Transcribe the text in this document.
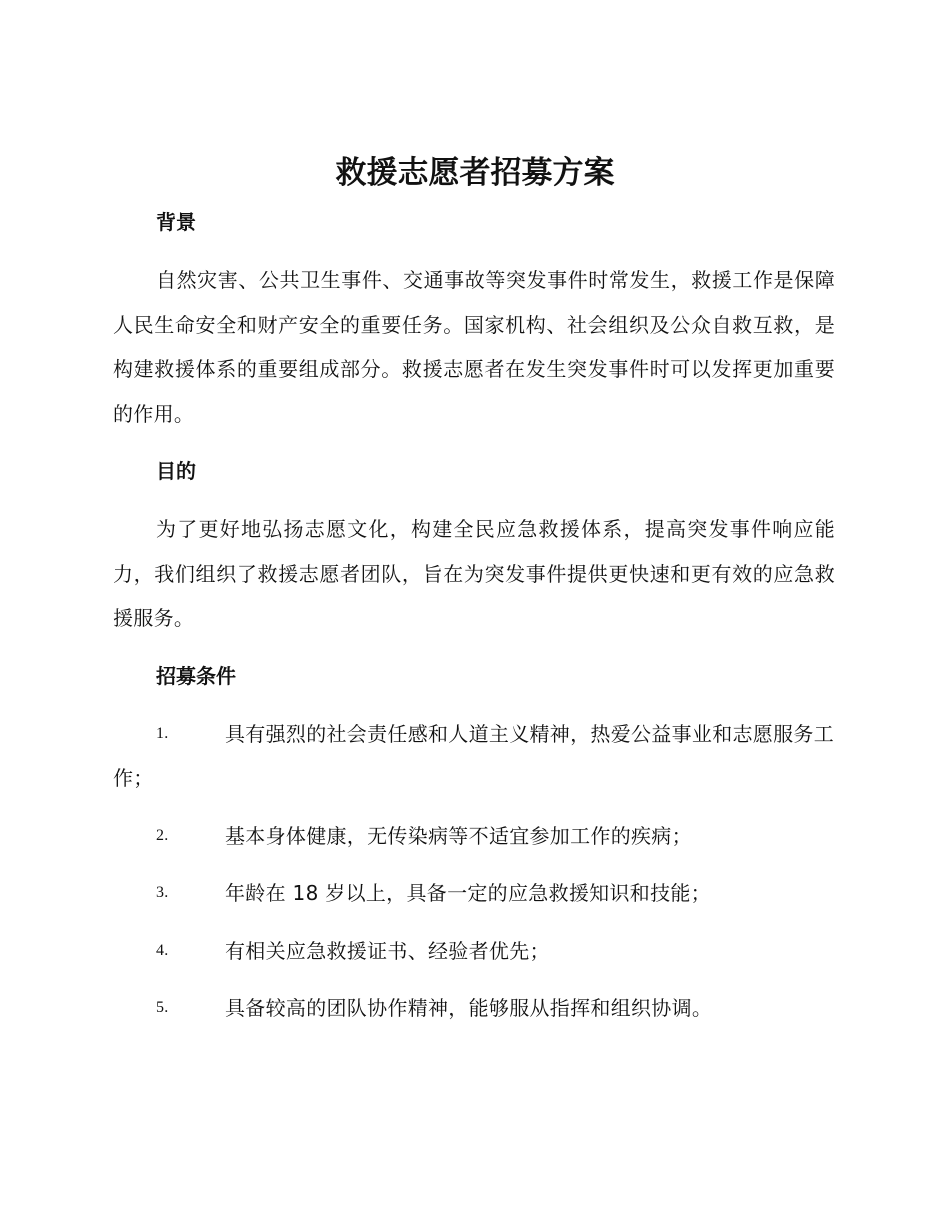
救援志愿者招募方案
背景

自然灾害、公共卫生事件、交通事故等突发事件时常发生，救援工作是保障人民生命安全和财产安全的重要任务。国家机构、社会组织及公众自救互救，是构建救援体系的重要组成部分。救援志愿者在发生突发事件时可以发挥更加重要的作用。

目的

为了更好地弘扬志愿文化，构建全民应急救援体系，提高突发事件响应能力，我们组织了救援志愿者团队，旨在为突发事件提供更快速和更有效的应急救援服务。

招募条件
1.	具有强烈的社会责任感和人道主义精神，热爱公益事业和志愿服务工作；
2.	基本身体健康，无传染病等不适宜参加工作的疾病；
3.	年龄在 18 岁以上，具备一定的应急救援知识和技能；
4.	有相关应急救援证书、经验者优先；
5.	具备较高的团队协作精神，能够服从指挥和组织协调。
